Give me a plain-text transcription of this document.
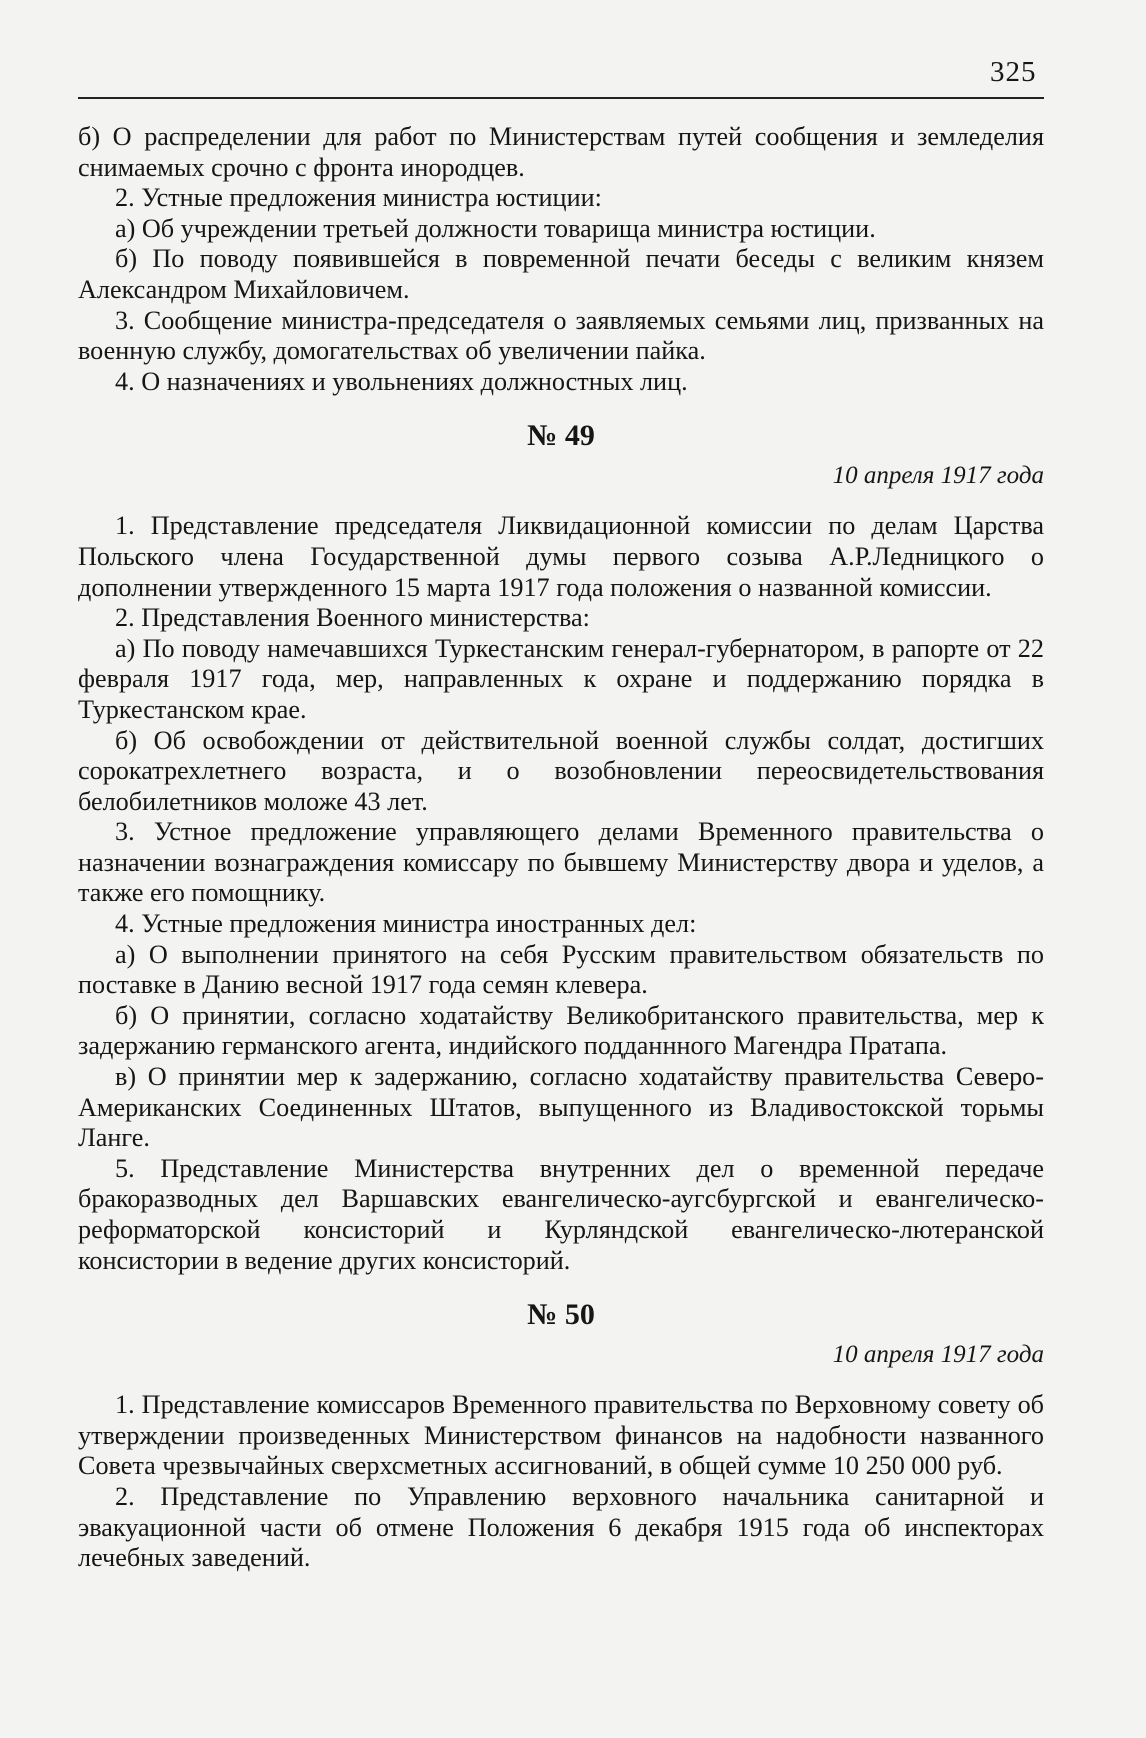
325

б) О распределении для работ по Министерствам путей сообщения и земледелия снимаемых срочно с фронта инородцев.

2. Устные предложения министра юстиции:

а) Об учреждении третьей должности товарища министра юстиции.

б) По поводу появившейся в повременной печати беседы с великим князем Александром Михайловичем.

3. Сообщение министра-председателя о заявляемых семьями лиц, призванных на военную службу, домогательствах об увеличении пайка.

4. О назначениях и увольнениях должностных лиц.

№ 49
10 апреля 1917 года

1. Представление председателя Ликвидационной комиссии по делам Царства Польского члена Государственной думы первого созыва А.Р.Ледницкого о дополнении утвержденного 15 марта 1917 года положения о названной комиссии.

2. Представления Военного министерства:

а) По поводу намечавшихся Туркестанским генерал-губернатором, в рапорте от 22 февраля 1917 года, мер, направленных к охране и поддержанию порядка в Туркестанском крае.

б) Об освобождении от действительной военной службы солдат, достигших сорокатрехлетнего возраста, и о возобновлении переосвидетельствования белобилетников моложе 43 лет.

3. Устное предложение управляющего делами Временного правительства о назначении вознаграждения комиссару по бывшему Министерству двора и уделов, а также его помощнику.

4. Устные предложения министра иностранных дел:

а) О выполнении принятого на себя Русским правительством обязательств по поставке в Данию весной 1917 года семян клевера.

б) О принятии, согласно ходатайству Великобританского правительства, мер к задержанию германского агента, индийского подданнного Магендра Пратапа.

в) О принятии мер к задержанию, согласно ходатайству правительства Северо-Американских Соединенных Штатов, выпущенного из Владивостокской торьмы Ланге.

5. Представление Министерства внутренних дел о временной передаче бракоразводных дел Варшавских евангелическо-аугсбургской и евангелическо-реформаторской консисторий и Курляндской евангелическо-лютеранской консистории в ведение других консисторий.

№ 50
10 апреля 1917 года

1. Представление комиссаров Временного правительства по Верховному совету об утверждении произведенных Министерством финансов на надобности названного Совета чрезвычайных сверхсметных ассигнований, в общей сумме 10 250 000 руб.

2. Представление по Управлению верховного начальника санитарной и эвакуационной части об отмене Положения 6 декабря 1915 года об инспекторах лечебных заведений.
